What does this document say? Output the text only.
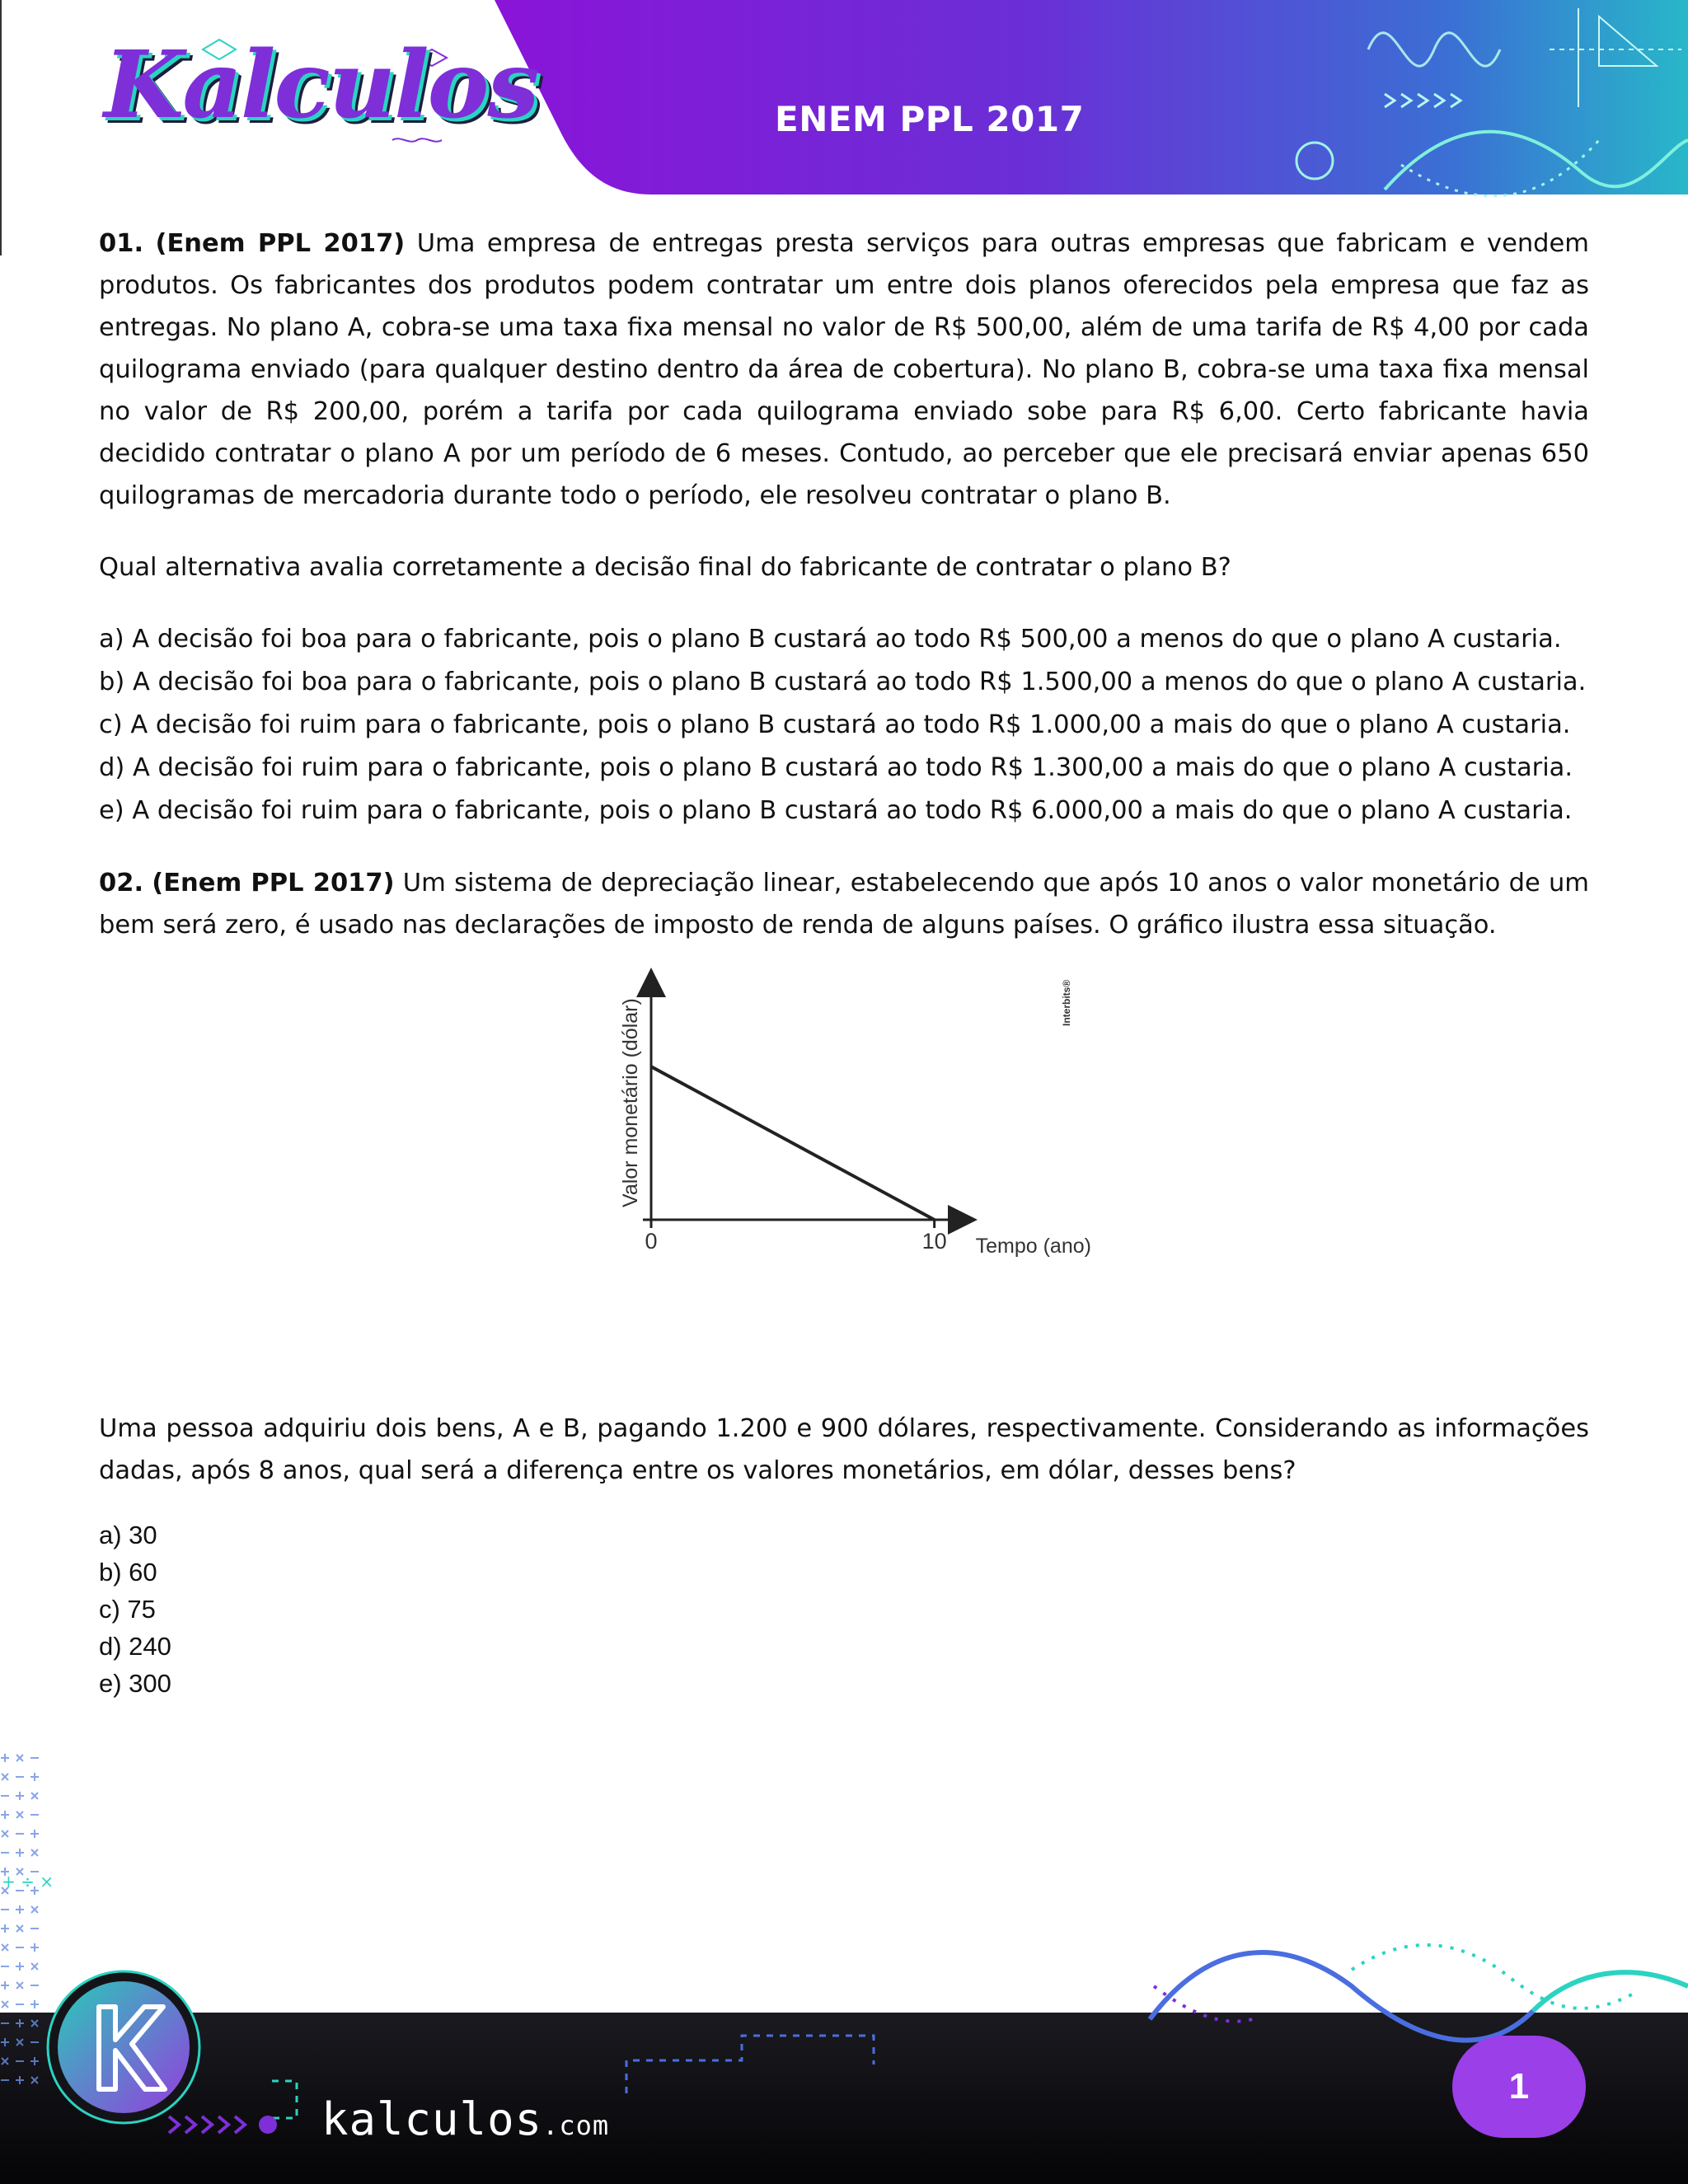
Kalculos	ENEM PPL 2017

01. (Enem PPL 2017) Uma empresa de entregas presta serviços para outras empresas que fabricam e vendem produtos. Os fabricantes dos produtos podem contratar um entre dois planos oferecidos pela empresa que faz as entregas. No plano A, cobra-se uma taxa fixa mensal no valor de R$ 500,00, além de uma tarifa de R$ 4,00 por cada quilograma enviado (para qualquer destino dentro da área de cobertura). No plano B, cobra-se uma taxa fixa mensal no valor de R$ 200,00, porém a tarifa por cada quilograma enviado sobe para R$ 6,00. Certo fabricante havia decidido contratar o plano A por um período de 6 meses. Contudo, ao perceber que ele precisará enviar apenas 650 quilogramas de mercadoria durante todo o período, ele resolveu contratar o plano B.

Qual alternativa avalia corretamente a decisão final do fabricante de contratar o plano B?

a) A decisão foi boa para o fabricante, pois o plano B custará ao todo R$ 500,00 a menos do que o plano A custaria.

b) A decisão foi boa para o fabricante, pois o plano B custará ao todo R$ 1.500,00 a menos do que o plano A custaria.

c) A decisão foi ruim para o fabricante, pois o plano B custará ao todo R$ 1.000,00 a mais do que o plano A custaria.

d) A decisão foi ruim para o fabricante, pois o plano B custará ao todo R$ 1.300,00 a mais do que o plano A custaria.

e) A decisão foi ruim para o fabricante, pois o plano B custará ao todo R$ 6.000,00 a mais do que o plano A custaria.

02. (Enem PPL 2017) Um sistema de depreciação linear, estabelecendo que após 10 anos o valor monetário de um bem será zero, é usado nas declarações de imposto de renda de alguns países. O gráfico ilustra essa situação.

Uma pessoa adquiriu dois bens, A e B, pagando 1.200 e 900 dólares, respectivamente. Considerando as informações dadas, após 8 anos, qual será a diferença entre os valores monetários, em dólar, desses bens?

a) 30

b) 60

c) 75

d) 240

e) 300

Valor monetário (dólar)	Interbits®
0	10 Tempo (ano)
+ ÷ ×
kalculos.com
1
